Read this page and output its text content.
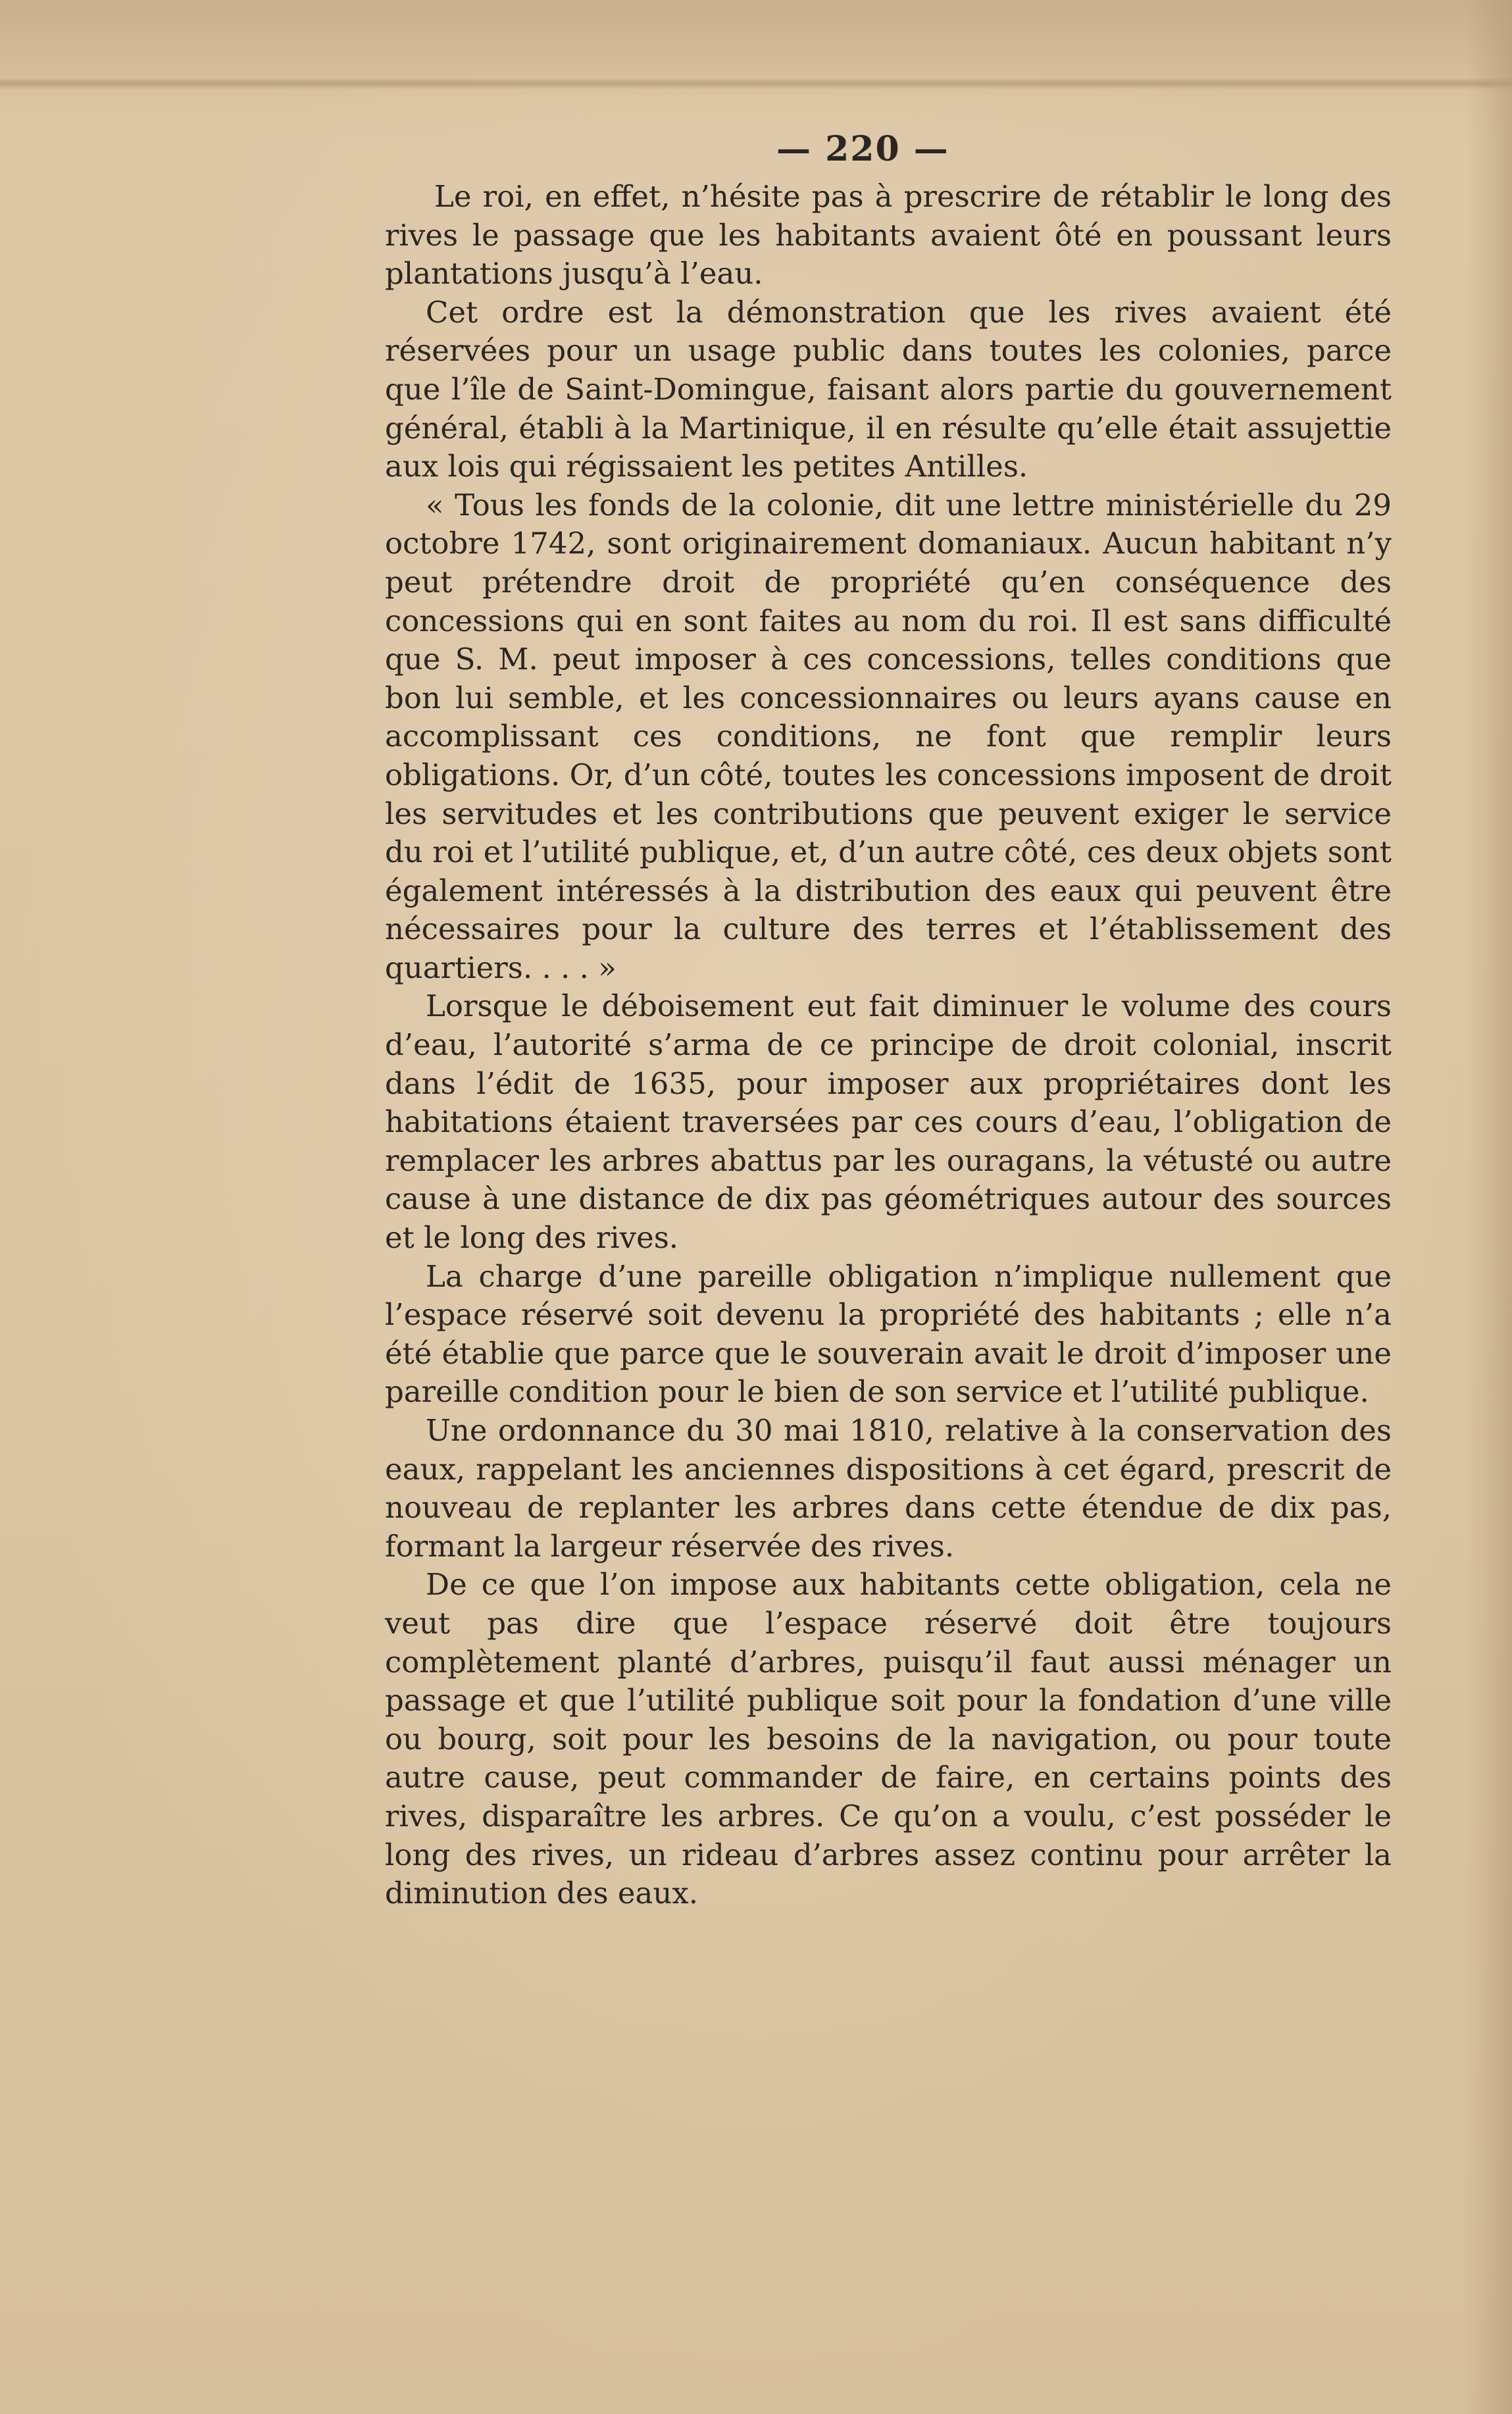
— 220 —

Le roi, en effet, n’hésite pas à prescrire de rétablir le long des rives le passage que les habitants avaient ôté en poussant leurs plantations jusqu’à l’eau.

Cet ordre est la démonstration que les rives avaient été réservées pour un usage public dans toutes les colonies, parce que l’île de Saint-Domingue, faisant alors partie du gouvernement général, établi à la Martinique, il en résulte qu’elle était assujettie aux lois qui régissaient les petites Antilles.

« Tous les fonds de la colonie, dit une lettre ministérielle du 29 octobre 1742, sont originairement domaniaux. Aucun habitant n’y peut prétendre droit de propriété qu’en conséquence des concessions qui en sont faites au nom du roi. Il est sans difficulté que S. M. peut imposer à ces concessions, telles conditions que bon lui semble, et les concessionnaires ou leurs ayans cause en accomplissant ces conditions, ne font que remplir leurs obligations. Or, d’un côté, toutes les concessions imposent de droit les servitudes et les contributions que peuvent exiger le service du roi et l’utilité publique, et, d’un autre côté, ces deux objets sont également intéressés à la distribution des eaux qui peuvent être nécessaires pour la culture des terres et l’établissement des quartiers. . . . »

Lorsque le déboisement eut fait diminuer le volume des cours d’eau, l’autorité s’arma de ce principe de droit colonial, inscrit dans l’édit de 1635, pour imposer aux propriétaires dont les habitations étaient traversées par ces cours d’eau, l’obligation de remplacer les arbres abattus par les ouragans, la vétusté ou autre cause à une distance de dix pas géométriques autour des sources et le long des rives.

La charge d’une pareille obligation n’implique nullement que l’espace réservé soit devenu la propriété des habitants ; elle n’a été établie que parce que le souverain avait le droit d’imposer une pareille condition pour le bien de son service et l’utilité publique.

Une ordonnance du 30 mai 1810, relative à la conservation des eaux, rappelant les anciennes dispositions à cet égard, prescrit de nouveau de replanter les arbres dans cette étendue de dix pas, formant la largeur réservée des rives.

De ce que l’on impose aux habitants cette obligation, cela ne veut pas dire que l’espace réservé doit être toujours complètement planté d’arbres, puisqu’il faut aussi ménager un passage et que l’utilité publique soit pour la fondation d’une ville ou bourg, soit pour les besoins de la navigation, ou pour toute autre cause, peut commander de faire, en certains points des rives, disparaître les arbres. Ce qu’on a voulu, c’est posséder le long des rives, un rideau d’arbres assez continu pour arrêter la diminution des eaux.
